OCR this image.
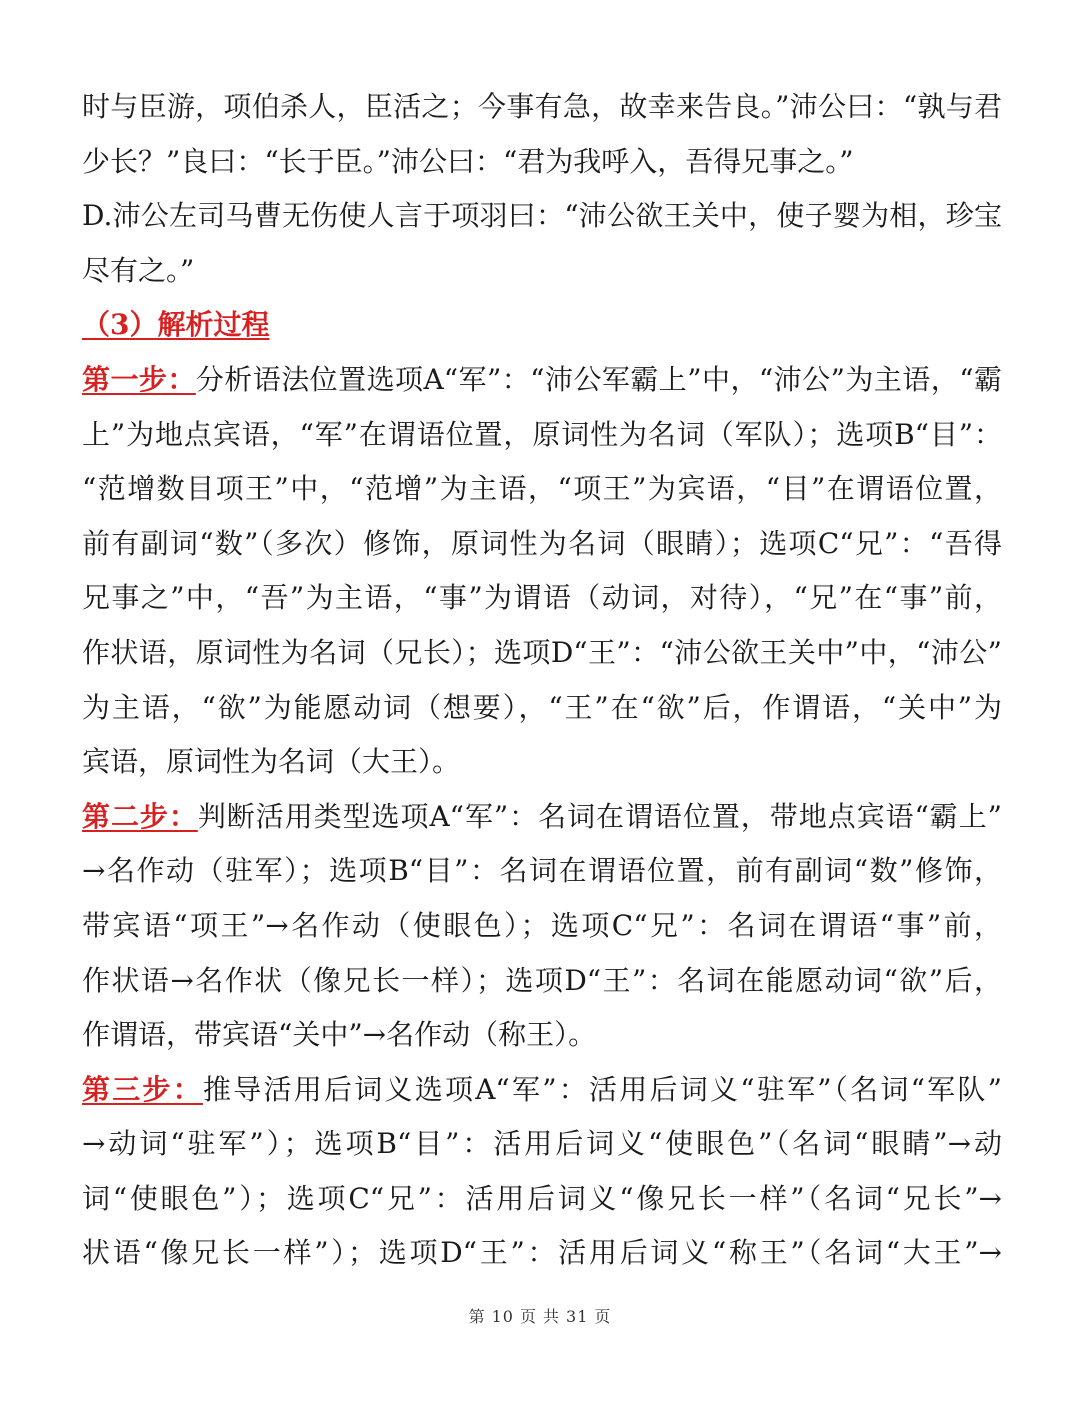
时与臣游，项伯杀人，臣活之；今事有急，故幸来告良。”沛公曰：“孰与君
少长？”良曰：“长于臣。”沛公曰：“君为我呼入，吾得兄事之。”
D.沛公左司马曹无伤使人言于项羽曰：“沛公欲王关中，使子婴为相，珍宝
尽有之。”
（3）解析过程
第一步：分析语法位置选项A“军”：“沛公军霸上”中，“沛公”为主语，“霸
上”为地点宾语，“军”在谓语位置，原词性为名词（军队）；选项B“目”：
“范增数目项王”中，“范增”为主语，“项王”为宾语，“目”在谓语位置，
前有副词“数”（多次）修饰，原词性为名词（眼睛）；选项C“兄”：“吾得
兄事之”中，“吾”为主语，“事”为谓语（动词，对待），“兄”在“事”前，
作状语，原词性为名词（兄长）；选项D“王”：“沛公欲王关中”中，“沛公”
为主语，“欲”为能愿动词（想要），“王”在“欲”后，作谓语，“关中”为
宾语，原词性为名词（大王）。
第二步：判断活用类型选项A“军”：名词在谓语位置，带地点宾语“霸上”
→名作动（驻军）；选项B“目”：名词在谓语位置，前有副词“数”修饰，
带宾语“项王”→名作动（使眼色）；选项C“兄”：名词在谓语“事”前，
作状语→名作状（像兄长一样）；选项D“王”：名词在能愿动词“欲”后，
作谓语，带宾语“关中”→名作动（称王）。
第三步：推导活用后词义选项A“军”：活用后词义“驻军”（名词“军队”
→动词“驻军”）；选项B“目”：活用后词义“使眼色”（名词“眼睛”→动
词“使眼色”）；选项C“兄”：活用后词义“像兄长一样”（名词“兄长”→
状语“像兄长一样”）；选项D“王”：活用后词义“称王”（名词“大王”→
第 10 页 共 31 页
